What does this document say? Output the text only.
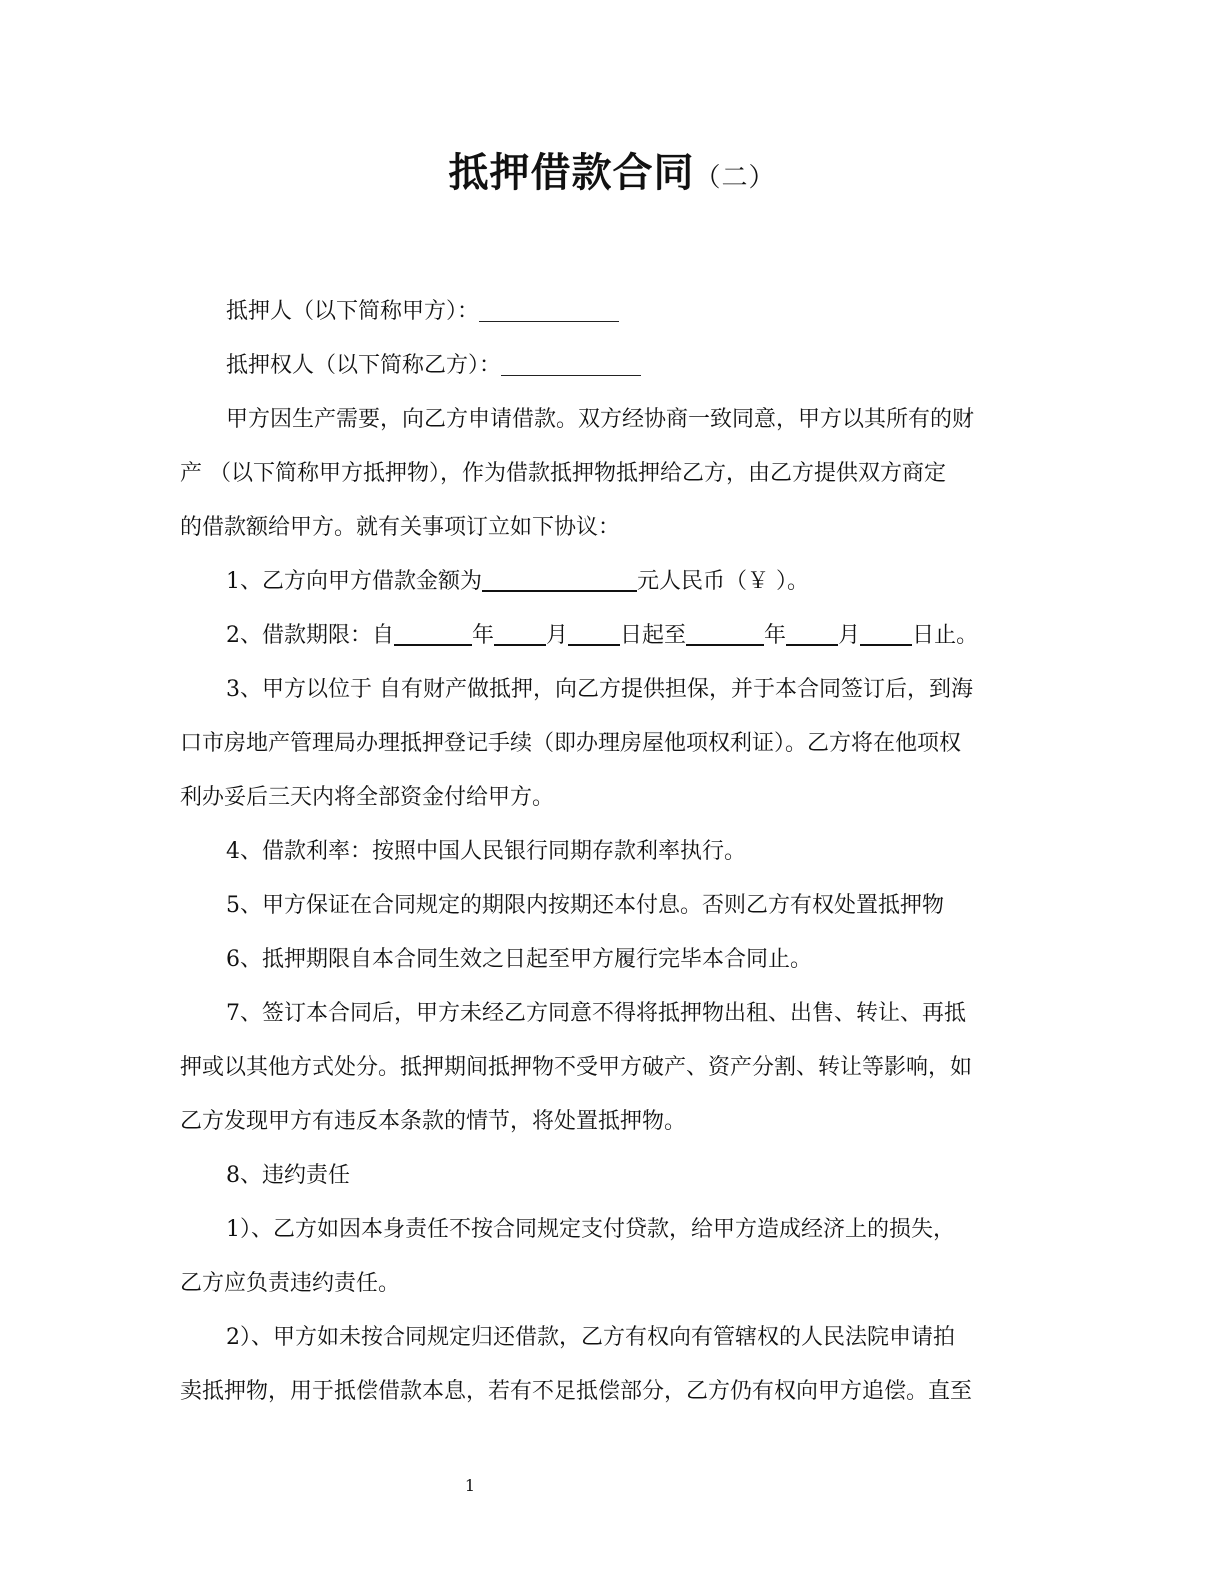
抵押借款合同（二）

抵押人（以下简称甲方）：

抵押权人（以下简称乙方）：

甲方因生产需要，向乙方申请借款。双方经协商一致同意，甲方以其所有的财

产 （以下简称甲方抵押物），作为借款抵押物抵押给乙方，由乙方提供双方商定

的借款额给甲方。就有关事项订立如下协议：

1、乙方向甲方借款金额为	元人民币（￥ ）。

2、借款期限：自	年 月 日起至	年 月 日止。

3、甲方以位于 自有财产做抵押，向乙方提供担保，并于本合同签订后，到海

口市房地产管理局办理抵押登记手续（即办理房屋他项权利证）。乙方将在他项权

利办妥后三天内将全部资金付给甲方。

4、借款利率：按照中国人民银行同期存款利率执行。

5、甲方保证在合同规定的期限内按期还本付息。否则乙方有权处置抵押物

6、抵押期限自本合同生效之日起至甲方履行完毕本合同止。

7、签订本合同后，甲方未经乙方同意不得将抵押物出租、出售、转让、再抵

押或以其他方式处分。抵押期间抵押物不受甲方破产、资产分割、转让等影响，如

乙方发现甲方有违反本条款的情节，将处置抵押物。

8、违约责任

1）、乙方如因本身责任不按合同规定支付贷款，给甲方造成经济上的损失，

乙方应负责违约责任。

2）、甲方如未按合同规定归还借款，乙方有权向有管辖权的人民法院申请拍

卖抵押物，用于抵偿借款本息，若有不足抵偿部分，乙方仍有权向甲方追偿。直至

1
